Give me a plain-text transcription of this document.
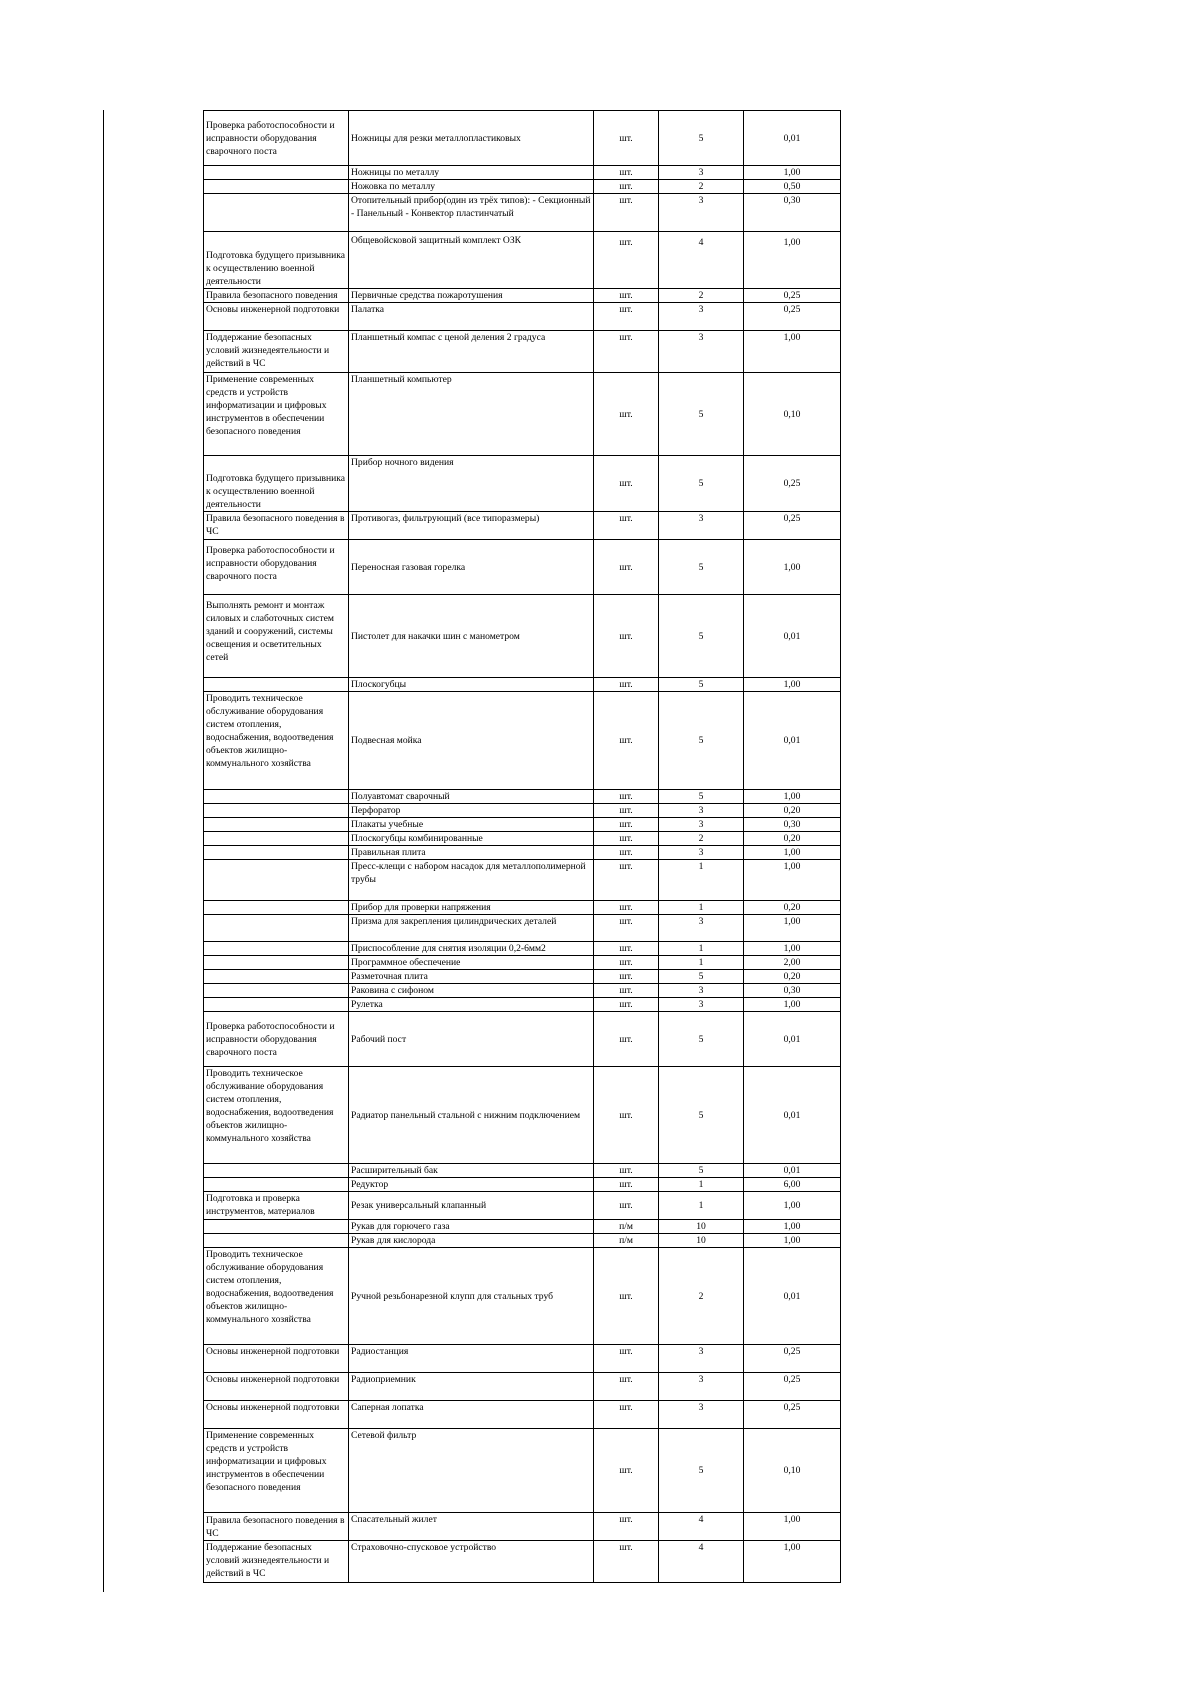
Проверка работоспособности и исправности оборудования сварочного поста	Ножницы для резки металлопластиковых	шт.	5	0,01
	Ножницы по металлу	шт.	3	1,00
	Ножовка по металлу	шт.	2	0,50
	Отопительный прибор(один из трёх типов): - Секционный - Панельный - Конвектор пластинчатый	шт.	3	0,30
Подготовка будущего призывника к осуществлению военной деятельности	Общевойсковой защитный комплект ОЗК	шт.	4	1,00
Правила безопасного поведения	Первичные средства пожаротушения	шт.	2	0,25
Основы инженерной подготовки	Палатка	шт.	3	0,25
Поддержание безопасных условий жизнедеятельности и действий в ЧС	Планшетный компас с ценой деления 2 градуса	шт.	3	1,00
Применение современных средств и устройств информатизации и цифровых инструментов в обеспечении безопасного поведения	Планшетный компьютер	шт.	5	0,10
Подготовка будущего призывника к осуществлению военной деятельности	Прибор ночного видения	шт.	5	0,25
Правила безопасного поведения в ЧС	Противогаз, фильтрующий (все типоразмеры)	шт.	3	0,25
Проверка работоспособности и исправности оборудования сварочного поста	Переносная газовая горелка	шт.	5	1,00
Выполнять ремонт и монтаж силовых и слаботочных систем зданий и сооружений, системы освещения и осветительных сетей	Пистолет для накачки шин с манометром	шт.	5	0,01
	Плоскогубцы	шт.	5	1,00
Проводить техническое обслуживание оборудования систем отопления, водоснабжения, водоотведения объектов жилищно-коммунального хозяйства	Подвесная мойка	шт.	5	0,01
	Полуавтомат сварочный	шт.	5	1,00
	Перфоратор	шт.	3	0,20
	Плакаты учебные	шт.	3	0,30
	Плоскогубцы комбинированные	шт.	2	0,20
	Правильная плита	шт.	3	1,00
	Пресс-клещи с набором насадок для металлополимерной трубы	шт.	1	1,00
	Прибор для проверки напряжения	шт.	1	0,20
	Призма для закрепления цилиндрических деталей	шт.	3	1,00
	Приспособление для снятия изоляции 0,2-6мм2	шт.	1	1,00
	Программное обеспечение	шт.	1	2,00
	Разметочная плита	шт.	5	0,20
	Раковина с сифоном	шт.	3	0,30
	Рулетка	шт.	3	1,00
Проверка работоспособности и исправности оборудования сварочного поста	Рабочий пост	шт.	5	0,01
Проводить техническое обслуживание оборудования систем отопления, водоснабжения, водоотведения объектов жилищно-коммунального хозяйства	Радиатор панельный стальной с нижним подключением	шт.	5	0,01
	Расширительный бак	шт.	5	0,01
	Редуктор	шт.	1	6,00
Подготовка и проверка инструментов, материалов	Резак универсальный клапанный	шт.	1	1,00
	Рукав для горючего газа	п/м	10	1,00
	Рукав для кислорода	п/м	10	1,00
Проводить техническое обслуживание оборудования систем отопления, водоснабжения, водоотведения объектов жилищно-коммунального хозяйства	Ручной резьбонарезной клупп для стальных труб	шт.	2	0,01
Основы инженерной подготовки	Радиостанция	шт.	3	0,25
Основы инженерной подготовки	Радиоприемник	шт.	3	0,25
Основы инженерной подготовки	Саперная лопатка	шт.	3	0,25
Применение современных средств и устройств информатизации и цифровых инструментов в обеспечении безопасного поведения	Сетевой фильтр	шт.	5	0,10
Правила безопасного поведения в ЧС	Спасательный жилет	шт.	4	1,00
Поддержание безопасных условий жизнедеятельности и действий в ЧС	Страховочно-спусковое устройство	шт.	4	1,00
